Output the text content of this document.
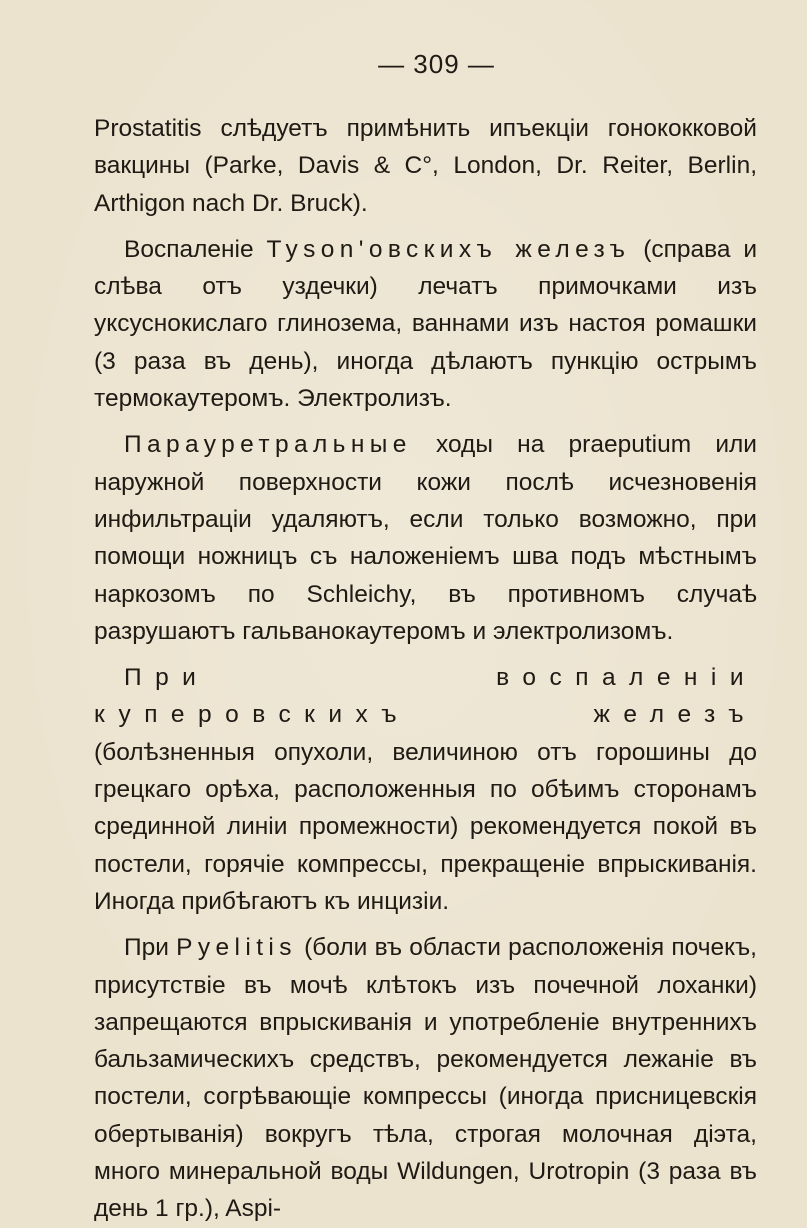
— 309 —

Prostatitis слѣдуетъ примѣнить ипъекціи гонококковой вакцины (Parke, Davis & C°, London, Dr. Reiter, Berlin, Arthigon nach Dr. Bruck).

Воспаленіе Tyson'овскихъ железъ (справа и слѣва отъ уздечки) лечатъ примочками изъ уксуснокислаго глинозема, ваннами изъ настоя ромашки (3 раза въ день), иногда дѣлаютъ пункцію острымъ термокаутеромъ. Электролизъ.

Парауретральные ходы на praeputium или наружной поверхности кожи послѣ исчезновенія инфильтраціи удаляютъ, если только возможно, при помощи ножницъ съ наложеніемъ шва подъ мѣстнымъ наркозомъ по Schleichy, въ противномъ случаѣ разрушаютъ гальванокаутеромъ и электролизомъ.

При воспаленіи куперовскихъ железъ (болѣзненныя опухоли, величиною отъ горошины до грецкаго орѣха, расположенныя по обѣимъ сторонамъ срединной линіи промежности) рекомендуется покой въ постели, горячіе компрессы, прекращеніе впрыскиванія. Иногда прибѣгаютъ къ инцизіи.

При Pyelitis (боли въ области расположенія почекъ, присутствіе въ мочѣ клѣтокъ изъ почечной лоханки) запрещаются впрыскиванія и употребленіе внутреннихъ бальзамическихъ средствъ, рекомендуется лежаніе въ постели, согрѣвающіе компрессы (иногда присницевскія обертыванія) вокругъ тѣла, строгая молочная діэта, много минеральной воды Wildungen, Urotropin (3 раза въ день 1 гр.), Aspi-
